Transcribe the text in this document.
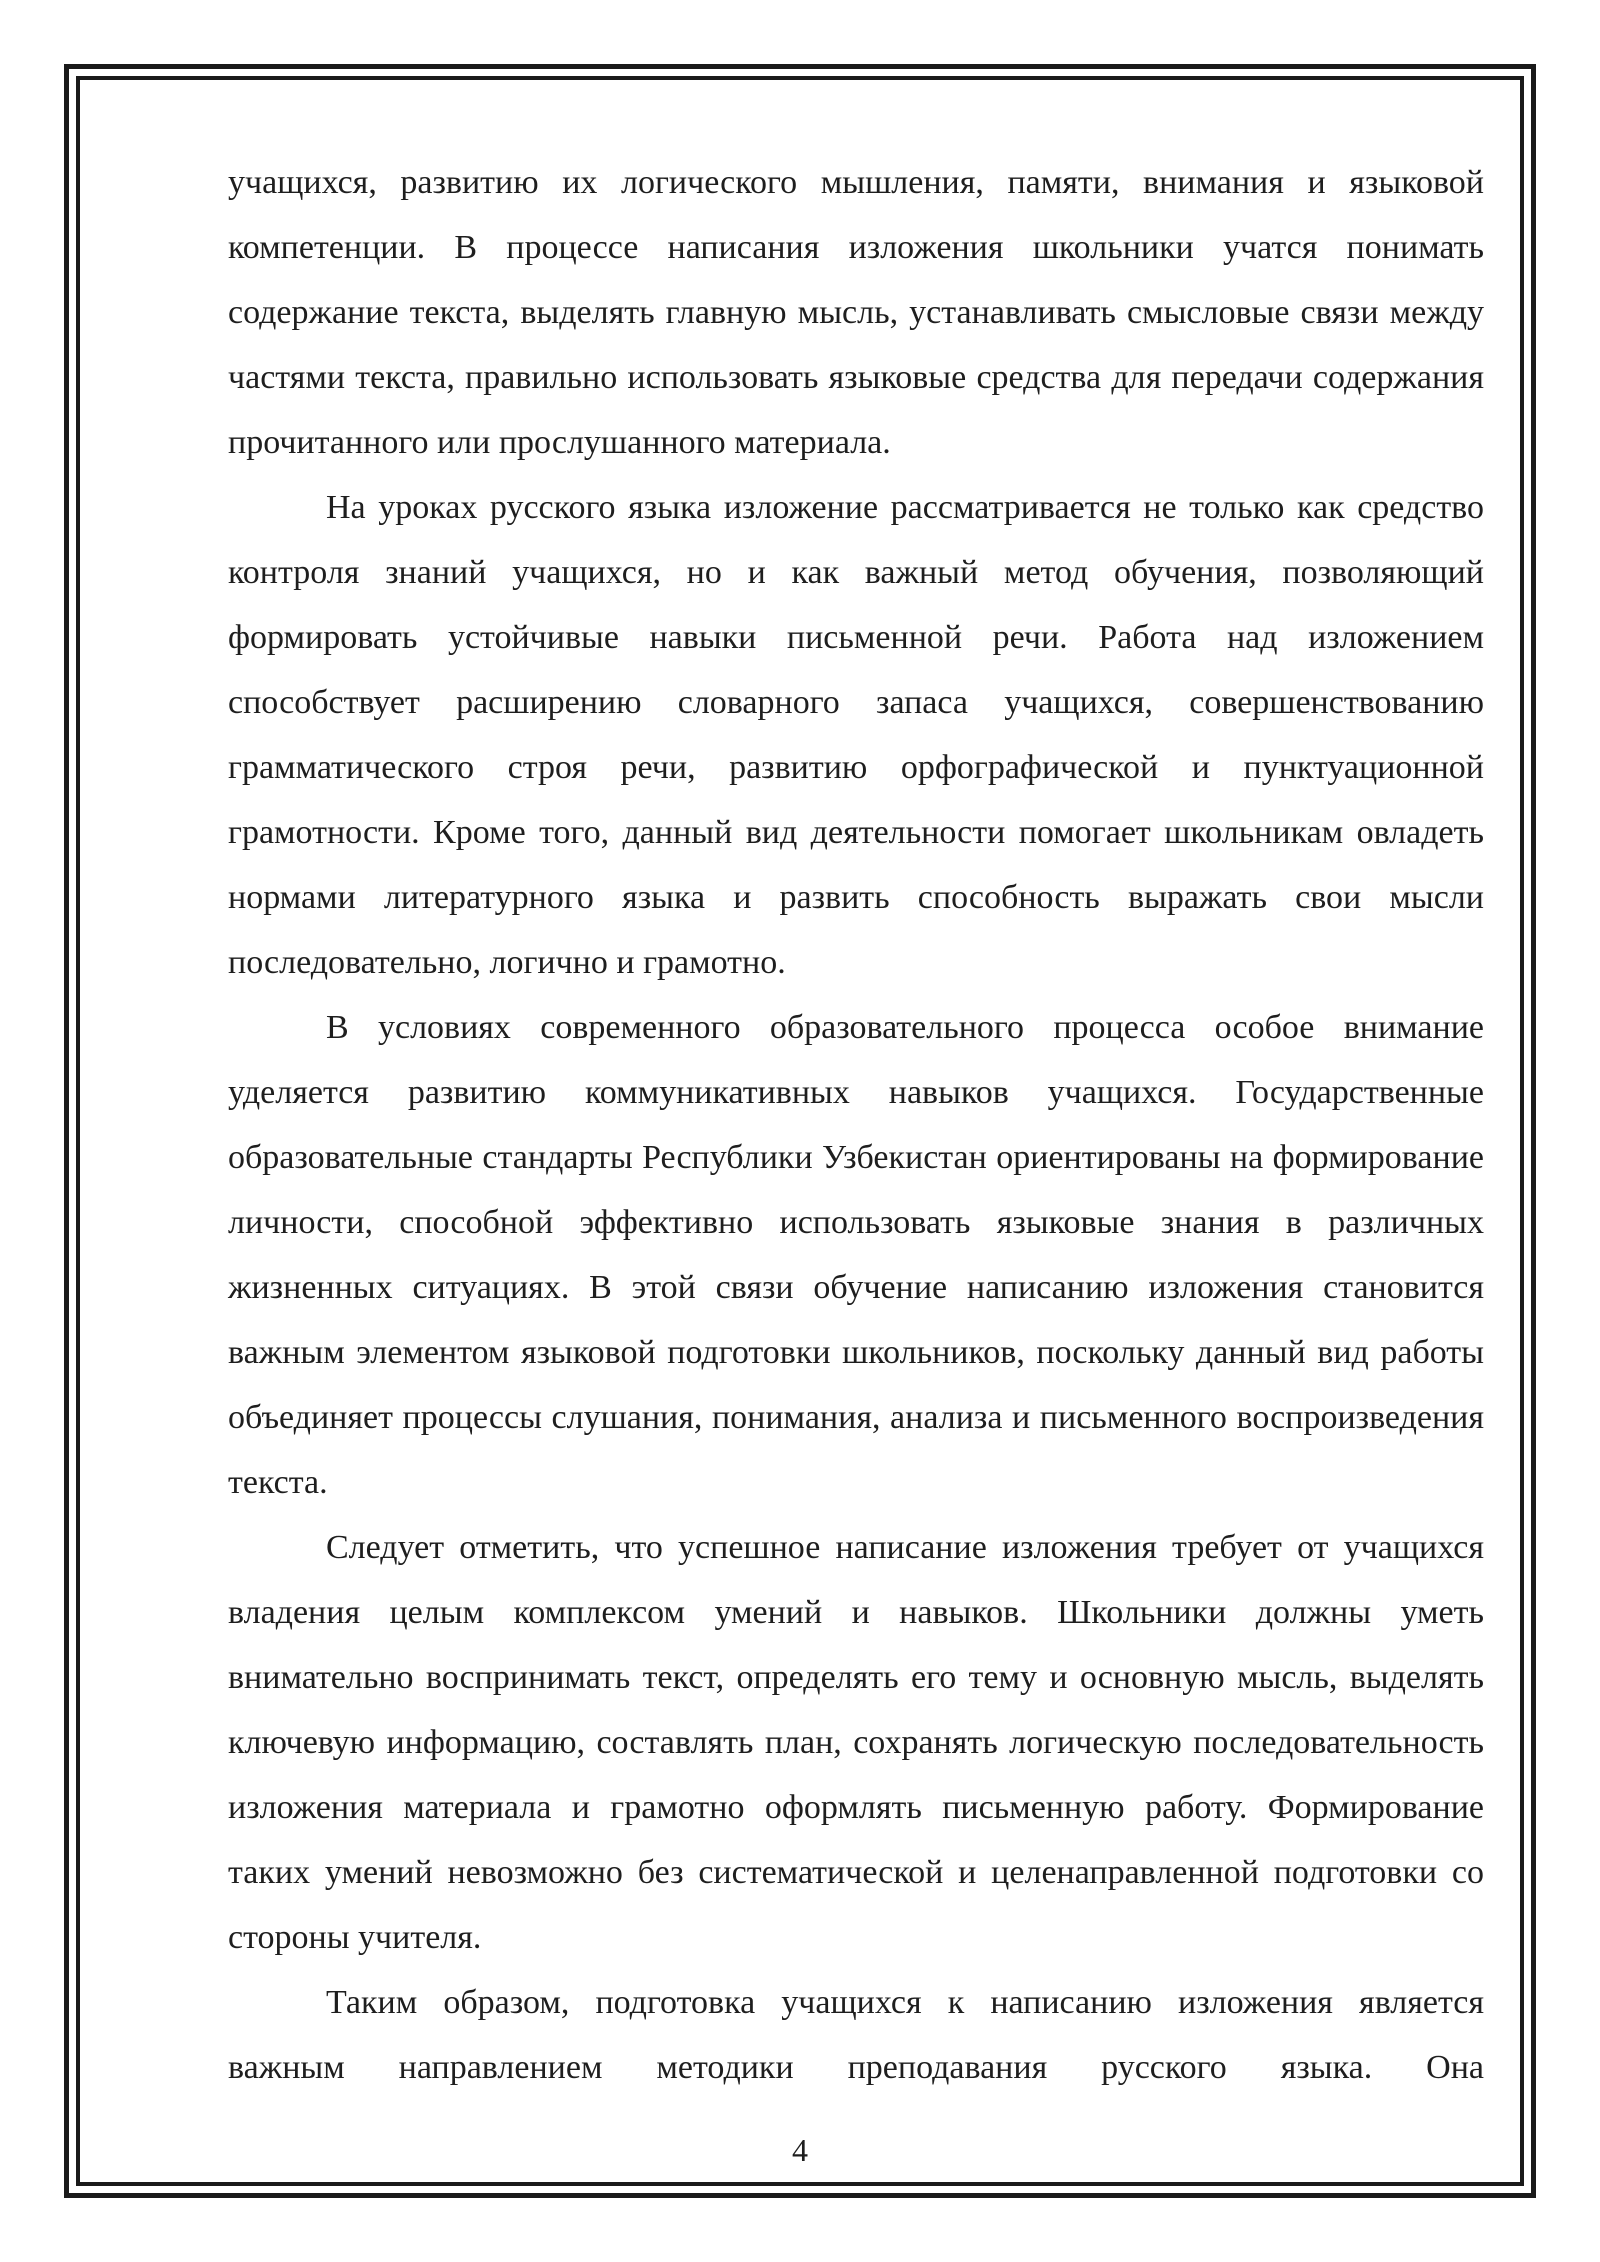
учащихся, развитию их логического мышления, памяти, внимания и языковой компетенции. В процессе написания изложения школьники учатся понимать содержание текста, выделять главную мысль, устанавливать смысловые связи между частями текста, правильно использовать языковые средства для передачи содержания прочитанного или прослушанного материала.

На уроках русского языка изложение рассматривается не только как средство контроля знаний учащихся, но и как важный метод обучения, позволяющий формировать устойчивые навыки письменной речи. Работа над изложением способствует расширению словарного запаса учащихся, совершенствованию грамматического строя речи, развитию орфографической и пунктуационной грамотности. Кроме того, данный вид деятельности помогает школьникам овладеть нормами литературного языка и развить способность выражать свои мысли последовательно, логично и грамотно.

В условиях современного образовательного процесса особое внимание уделяется развитию коммуникативных навыков учащихся. Государственные образовательные стандарты Республики Узбекистан ориентированы на формирование личности, способной эффективно использовать языковые знания в различных жизненных ситуациях. В этой связи обучение написанию изложения становится важным элементом языковой подготовки школьников, поскольку данный вид работы объединяет процессы слушания, понимания, анализа и письменного воспроизведения текста.

Следует отметить, что успешное написание изложения требует от учащихся владения целым комплексом умений и навыков. Школьники должны уметь внимательно воспринимать текст, определять его тему и основную мысль, выделять ключевую информацию, составлять план, сохранять логическую последовательность изложения материала и грамотно оформлять письменную работу. Формирование таких умений невозможно без систематической и целенаправленной подготовки со стороны учителя.

Таким образом, подготовка учащихся к написанию изложения является важным направлением методики преподавания русского языка. Она

4
